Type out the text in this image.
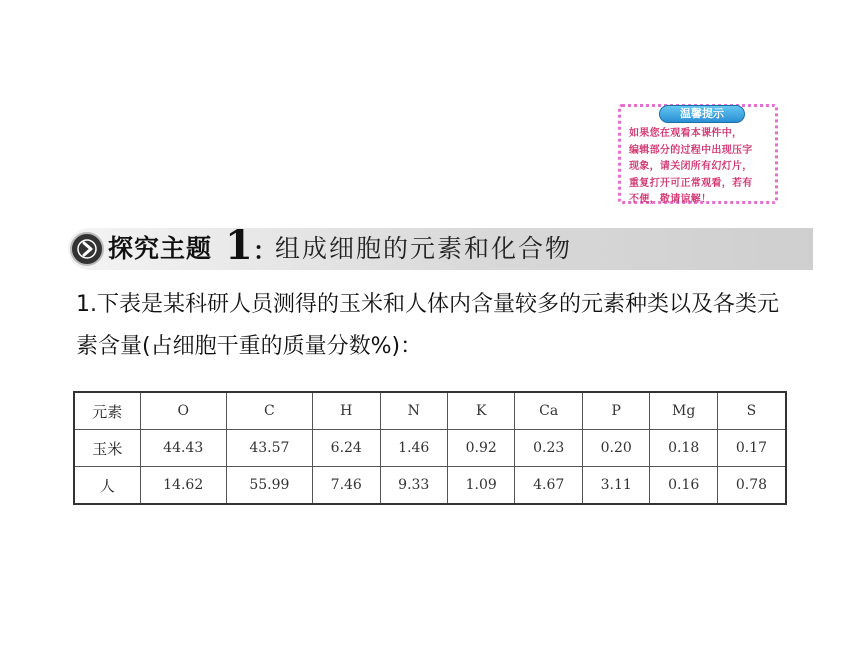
温馨提示
如果您在观看本课件中，
编辑部分的过程中出现压字
现象，请关闭所有幻灯片，
重复打开可正常观看，若有
不便，敬请谅解！
探究主题 1 ：
组成细胞的元素和化合物
1.下表是某科研人员测得的玉米和人体内含量较多的元素种类以及各类元素含量(占细胞干重的质量分数%)：
元素	O	C	H	N	K	Ca	P	Mg	S
玉米	44.43	43.57	6.24	1.46	0.92	0.23	0.20	0.18	0.17
人	14.62	55.99	7.46	9.33	1.09	4.67	3.11	0.16	0.78
